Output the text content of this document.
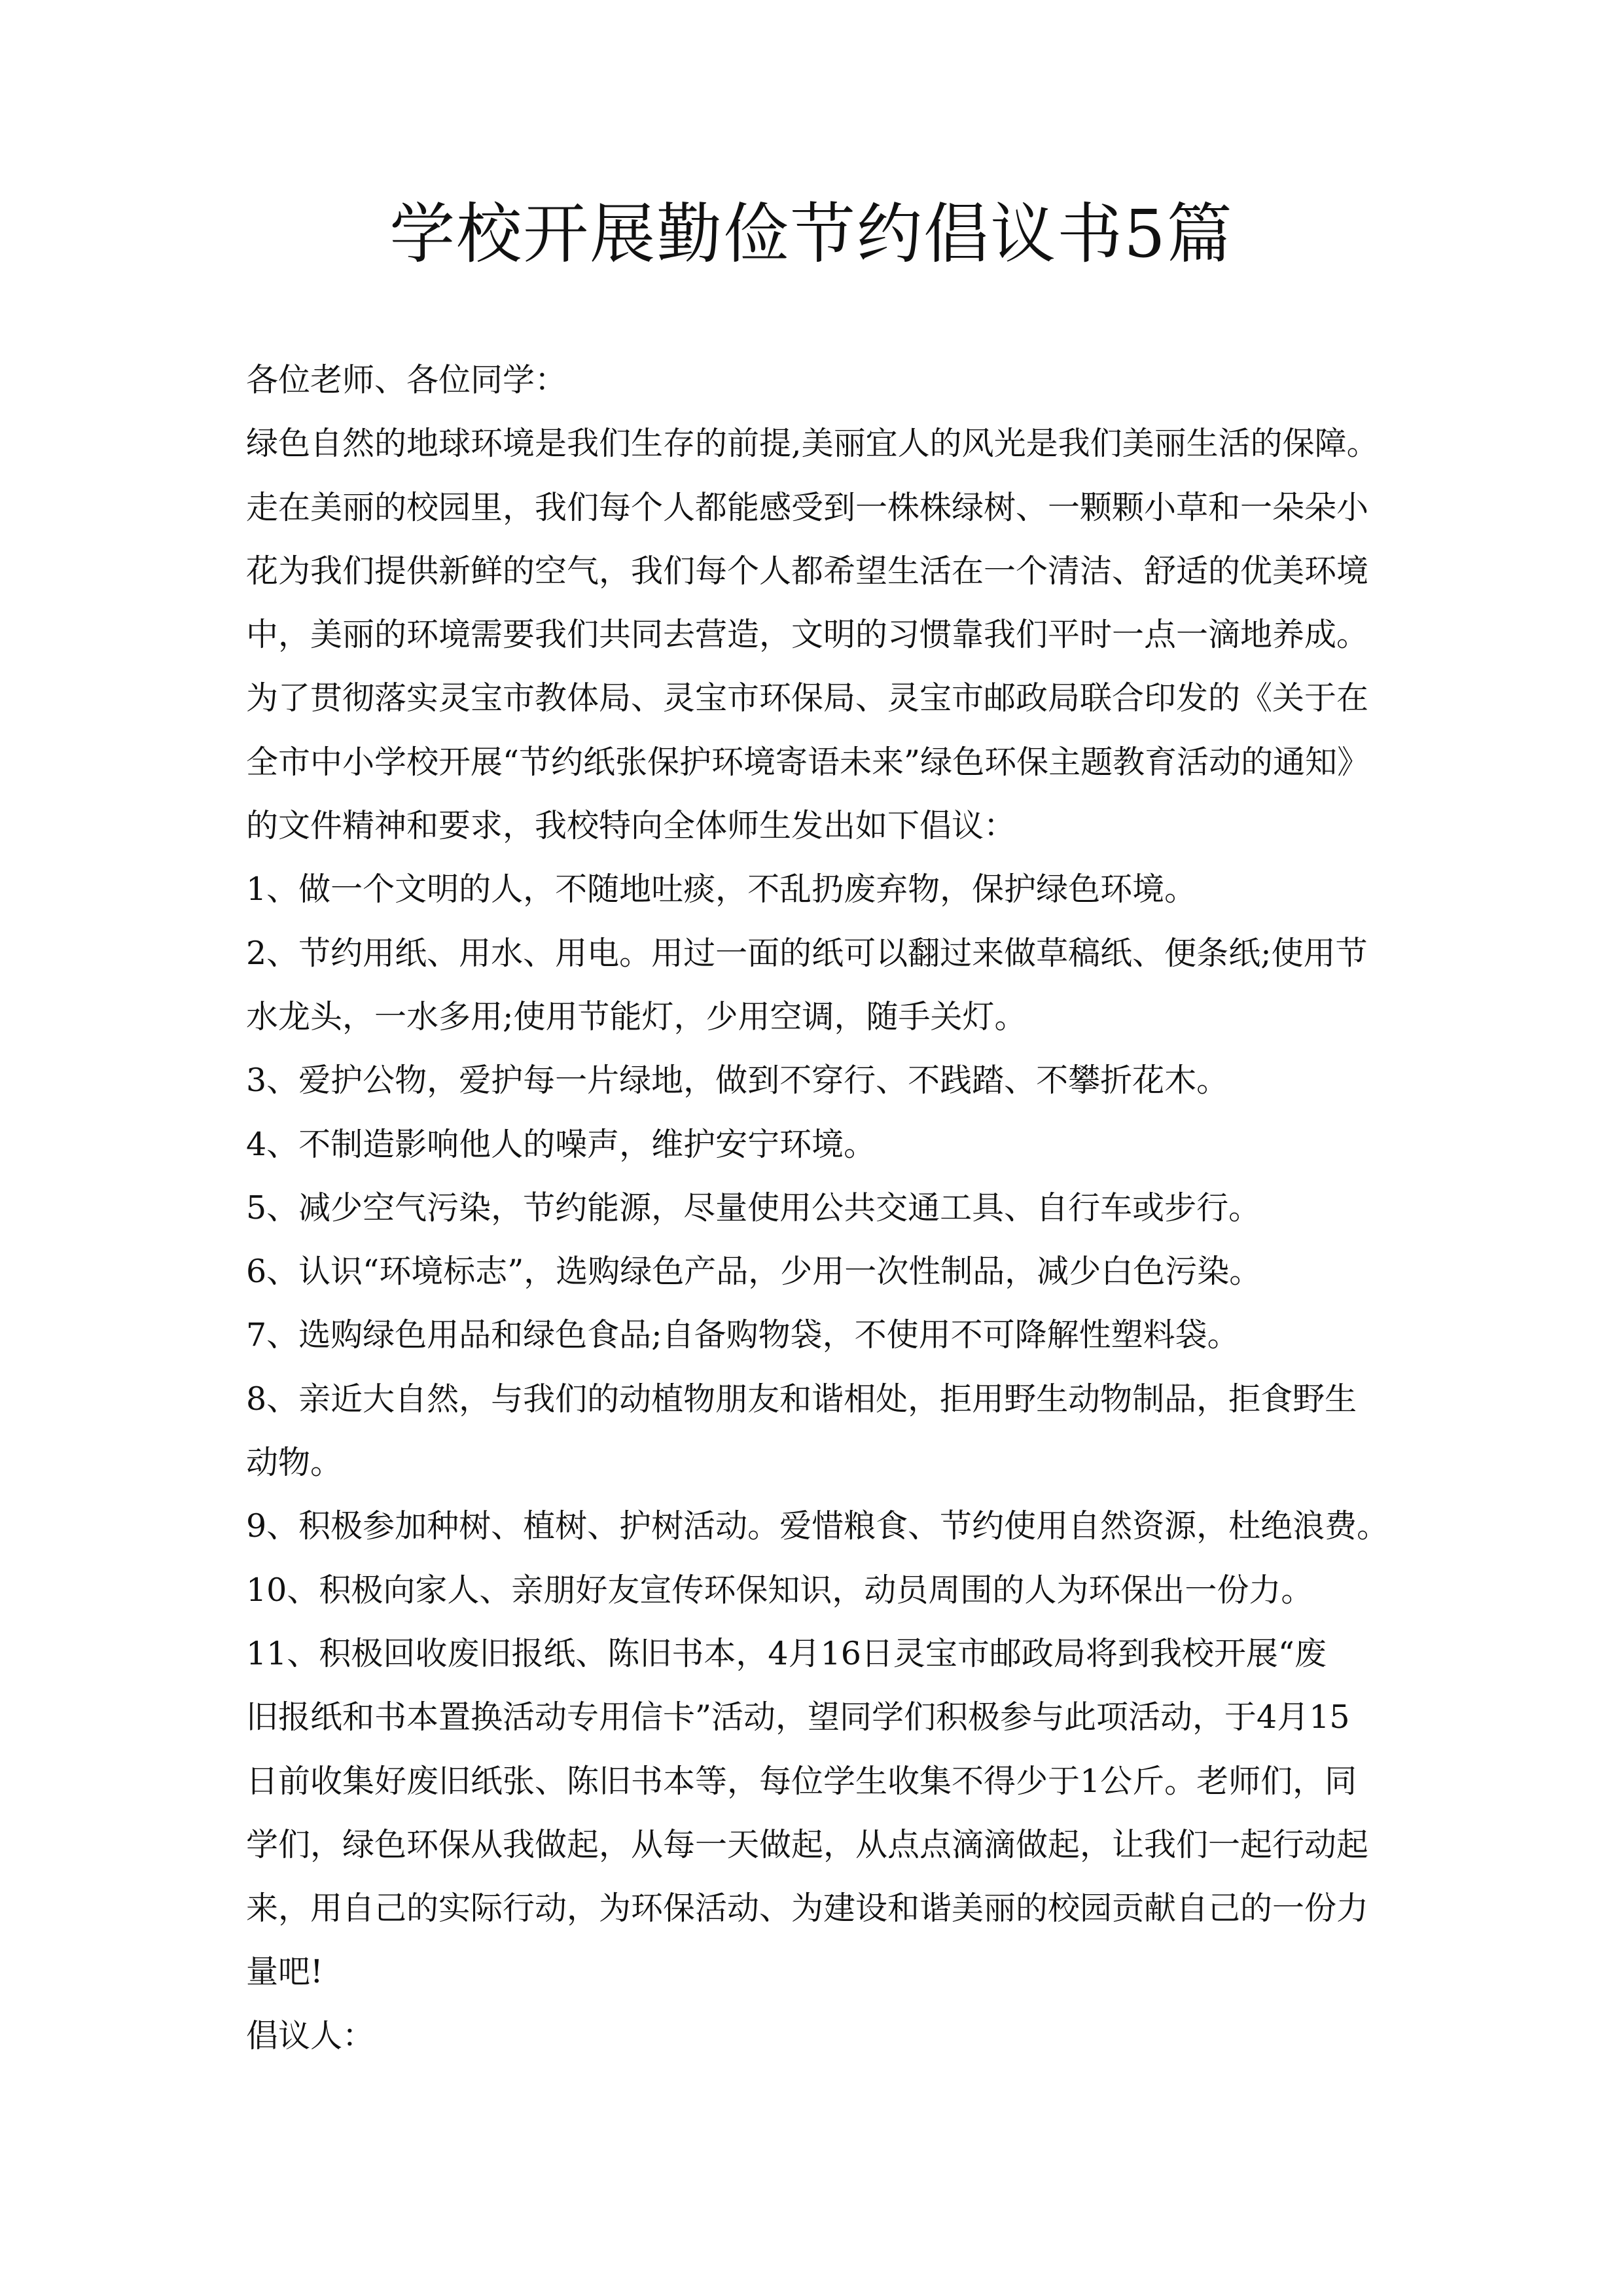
学校开展勤俭节约倡议书5篇
各位老师、各位同学：
绿色自然的地球环境是我们生存的前提,美丽宜人的风光是我们美丽生活的保障。
走在美丽的校园里，我们每个人都能感受到一株株绿树、一颗颗小草和一朵朵小
花为我们提供新鲜的空气，我们每个人都希望生活在一个清洁、舒适的优美环境
中，美丽的环境需要我们共同去营造，文明的习惯靠我们平时一点一滴地养成。
为了贯彻落实灵宝市教体局、灵宝市环保局、灵宝市邮政局联合印发的《关于在
全市中小学校开展“节约纸张保护环境寄语未来”绿色环保主题教育活动的通知》
的文件精神和要求，我校特向全体师生发出如下倡议：
1、做一个文明的人，不随地吐痰，不乱扔废弃物，保护绿色环境。
2、节约用纸、用水、用电。用过一面的纸可以翻过来做草稿纸、便条纸;使用节
水龙头，一水多用;使用节能灯，少用空调，随手关灯。
3、爱护公物，爱护每一片绿地，做到不穿行、不践踏、不攀折花木。
4、不制造影响他人的噪声，维护安宁环境。
5、减少空气污染，节约能源，尽量使用公共交通工具、自行车或步行。
6、认识“环境标志”，选购绿色产品，少用一次性制品，减少白色污染。
7、选购绿色用品和绿色食品;自备购物袋，不使用不可降解性塑料袋。
8、亲近大自然，与我们的动植物朋友和谐相处，拒用野生动物制品，拒食野生
动物。
9、积极参加种树、植树、护树活动。爱惜粮食、节约使用自然资源，杜绝浪费。
10、积极向家人、亲朋好友宣传环保知识，动员周围的人为环保出一份力。
11、积极回收废旧报纸、陈旧书本，4月16日灵宝市邮政局将到我校开展“废
旧报纸和书本置换活动专用信卡”活动，望同学们积极参与此项活动，于4月15
日前收集好废旧纸张、陈旧书本等，每位学生收集不得少于1公斤。老师们，同
学们，绿色环保从我做起，从每一天做起，从点点滴滴做起，让我们一起行动起
来，用自己的实际行动，为环保活动、为建设和谐美丽的校园贡献自己的一份力
量吧!
倡议人：
